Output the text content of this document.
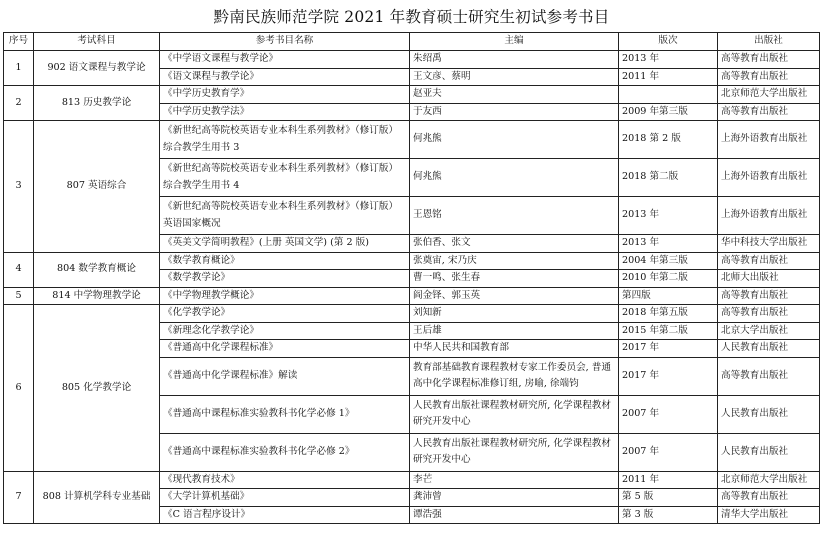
黔南民族师范学院 2021 年教育硕士研究生初试参考书目
序号	考试科目	参考书目名称	主编	版次	出版社
1	902 语文课程与教学论	《中学语文课程与教学论》	朱绍禹	2013 年	高等教育出版社
		《语文课程与教学论》	王文彦、蔡明	2011 年	高等教育出版社
2	813 历史教学论	《中学历史教育学》	赵亚夫		北京师范大学出版社
		《中学历史教学法》	于友西	2009 年第三版	高等教育出版社
3	807 英语综合	《新世纪高等院校英语专业本科生系列教材》（修订版）综合教学生用书 3	何兆熊	2018 第 2 版	上海外语教育出版社
		《新世纪高等院校英语专业本科生系列教材》（修订版）综合教学生用书 4	何兆熊	2018 第二版	上海外语教育出版社
		《新世纪高等院校英语专业本科生系列教材》（修订版）英语国家概况	王恩铭	2013 年	上海外语教育出版社
		《英美文学简明教程》(上册 英国文学) (第 2 版)	张伯香、张文	2013 年	华中科技大学出版社
4	804 数学教育概论	《数学教育概论》	张奠宙, 宋乃庆	2004 年第三版	高等教育出版社
		《数学教学论》	曹一鸣、张生春	2010 年第二版	北师大出版社
5	814 中学物理教学论	《中学物理教学概论》	阎金铎、郭玉英	第四版	高等教育出版社
6	805 化学教学论	《化学教学论》	刘知新	2018 年第五版	高等教育出版社
		《新理念化学教学论》	王后雄	2015 年第二版	北京大学出版社
		《普通高中化学课程标准》	中华人民共和国教育部	2017 年	人民教育出版社
		《普通高中化学课程标准》解读	教育部基础教育课程教材专家工作委员会, 普通高中化学课程标准修订组, 房喻, 徐端钧	2017 年	高等教育出版社
		《普通高中课程标准实验教科书化学必修 1》	人民教育出版社课程教材研究所, 化学课程教材研究开发中心	2007 年	人民教育出版社
		《普通高中课程标准实验教科书化学必修 2》	人民教育出版社课程教材研究所, 化学课程教材研究开发中心	2007 年	人民教育出版社
7	808 计算机学科专业基础	《现代教育技术》	李芒	2011 年	北京师范大学出版社
		《大学计算机基础》	龚沛曾	第 5 版	高等教育出版社
		《C 语言程序设计》	谭浩强	第 3 版	清华大学出版社
